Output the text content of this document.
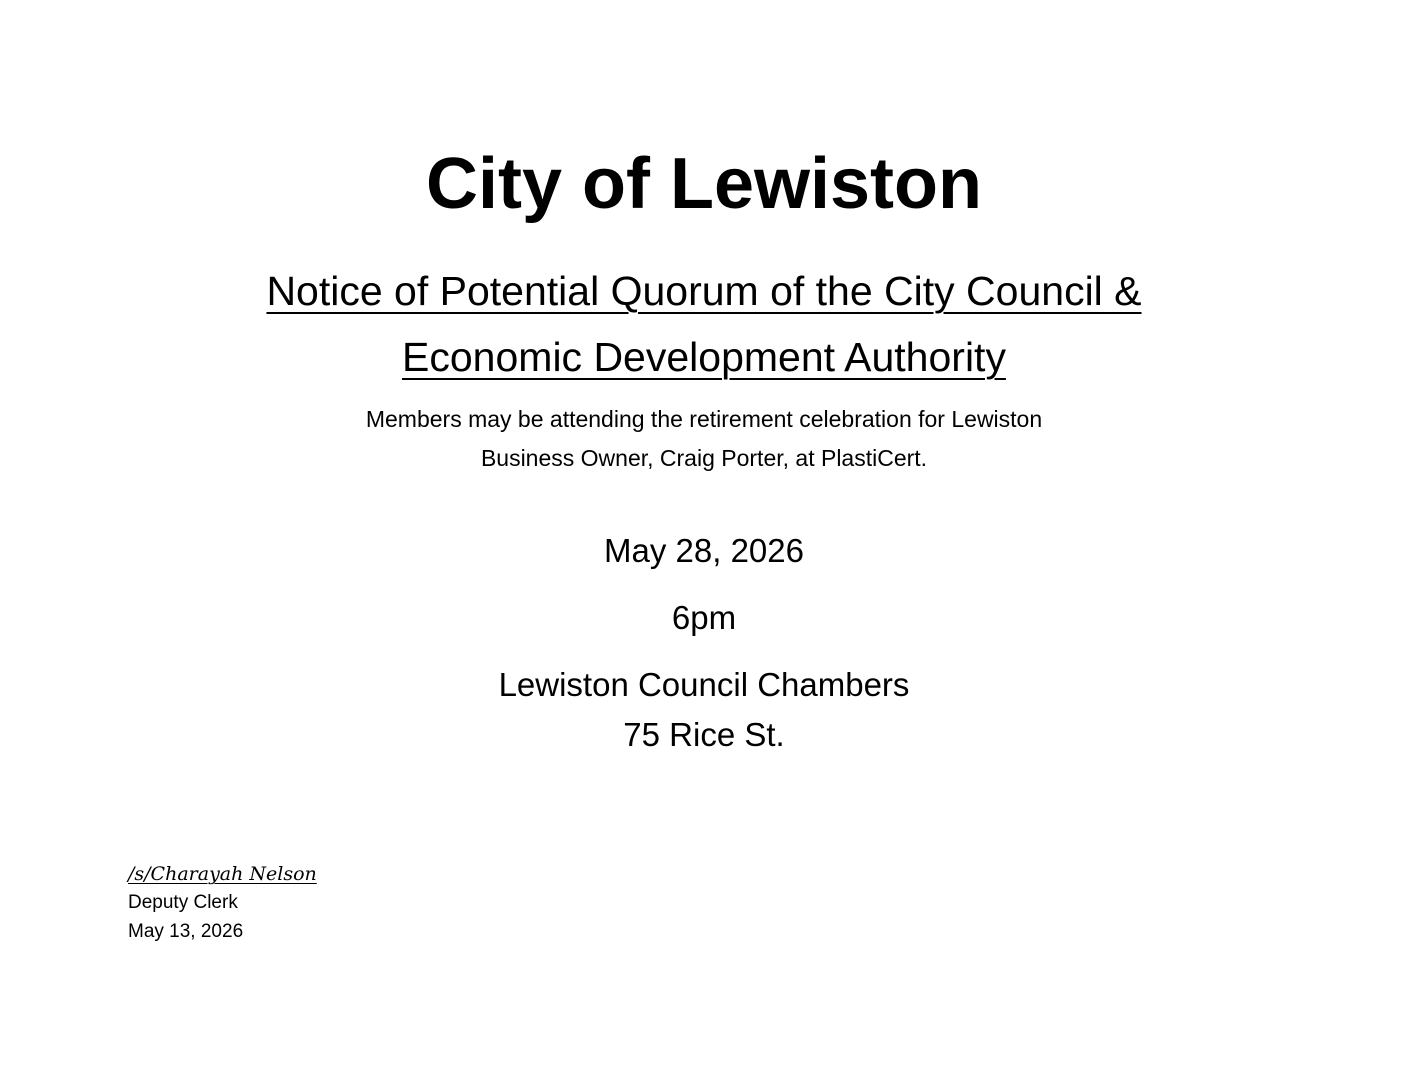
City of Lewiston
Notice of Potential Quorum of the City Council &
Economic Development Authority
Members may be attending the retirement celebration for Lewiston
Business Owner, Craig Porter, at PlastiCert.
May 28, 2026
6pm
Lewiston Council Chambers
75 Rice St.
/s/Charayah Nelson
Deputy Clerk
May 13, 2026
